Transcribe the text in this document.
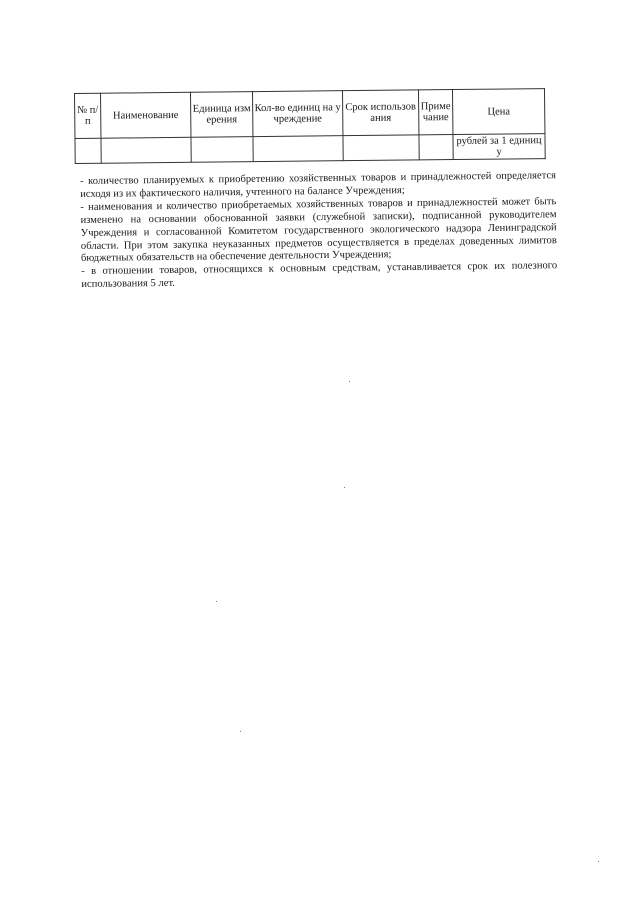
№ п/п	Наименование	Единица измерения	Кол-во единиц на учреждение	Срок использования	Примечание	Цена
						рублей за 1 единицу

- количество планируемых к приобретению хозяйственных товаров и принадлежностей определяется исходя из их фактического наличия, учтенного на балансе Учреждения;

- наименования и количество приобретаемых хозяйственных товаров и принадлежностей может быть изменено на основании обоснованной заявки (служебной записки), подписанной руководителем Учреждения и согласованной Комитетом государственного экологического надзора Ленинградской области. При этом закупка неуказанных предметов осуществляется в пределах доведенных лимитов бюджетных обязательств на обеспечение деятельности Учреждения;

- в отношении товаров, относящихся к основным средствам, устанавливается срок их полезного использования 5 лет.
